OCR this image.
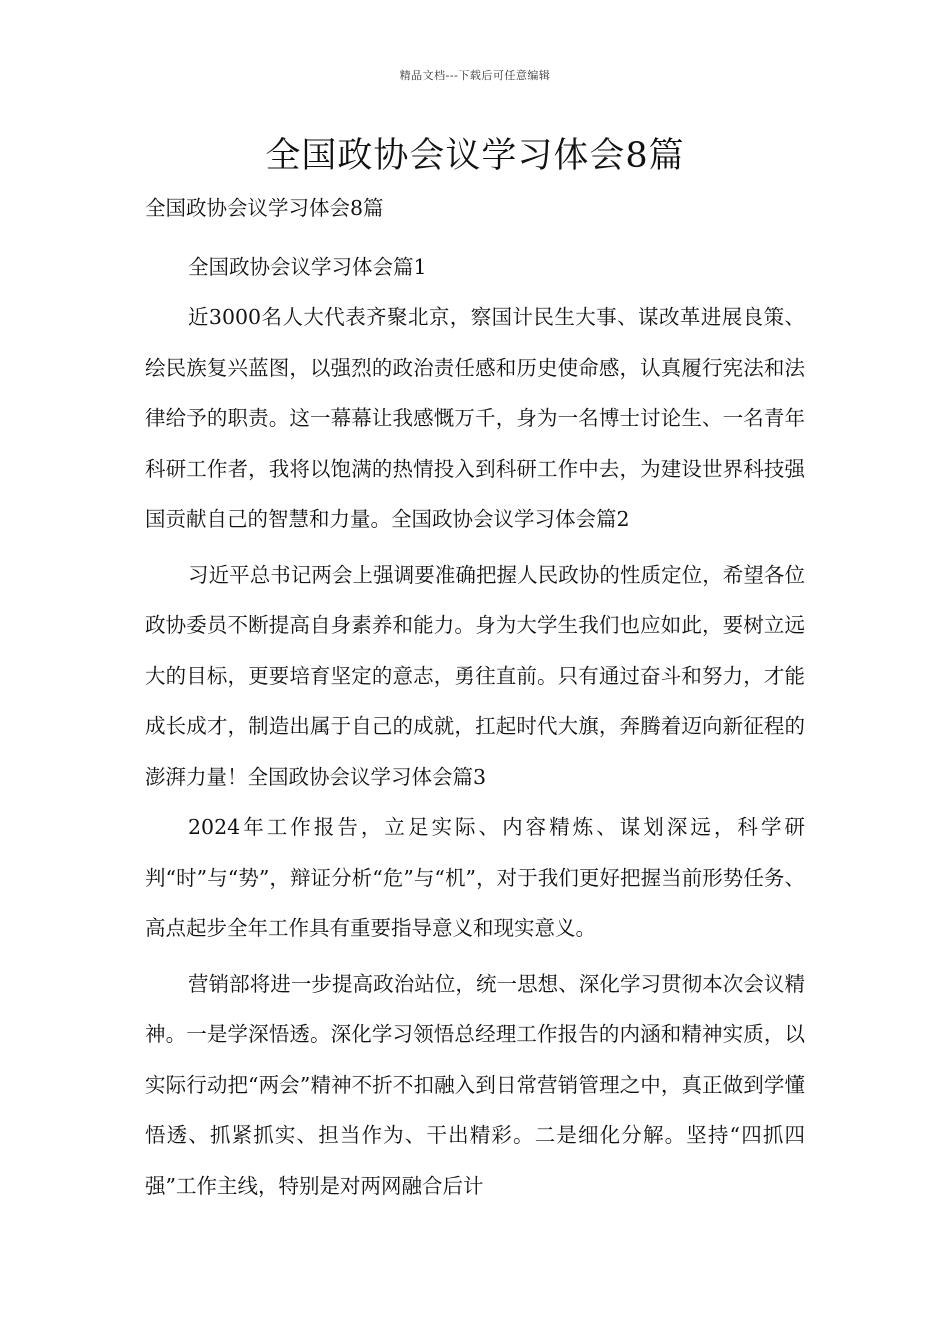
精品文档---下载后可任意编辑
全国政协会议学习体会8篇

全国政协会议学习体会8篇

全国政协会议学习体会篇1

近3000名人大代表齐聚北京，察国计民生大事、谋改革进展良策、绘民族复兴蓝图，以强烈的政治责任感和历史使命感，认真履行宪法和法律给予的职责。这一幕幕让我感慨万千，身为一名博士讨论生、一名青年科研工作者，我将以饱满的热情投入到科研工作中去，为建设世界科技强国贡献自己的智慧和力量。全国政协会议学习体会篇2

习近平总书记两会上强调要准确把握人民政协的性质定位，希望各位政协委员不断提高自身素养和能力。身为大学生我们也应如此，要树立远大的目标，更要培育坚定的意志，勇往直前。只有通过奋斗和努力，才能成长成才，制造出属于自己的成就，扛起时代大旗，奔腾着迈向新征程的澎湃力量！全国政协会议学习体会篇3

2024年工作报告，立足实际、内容精炼、谋划深远，科学研判“时”与“势”，辩证分析“危”与“机”，对于我们更好把握当前形势任务、高点起步全年工作具有重要指导意义和现实意义。

营销部将进一步提高政治站位，统一思想、深化学习贯彻本次会议精神。一是学深悟透。深化学习领悟总经理工作报告的内涵和精神实质，以实际行动把“两会”精神不折不扣融入到日常营销管理之中，真正做到学懂悟透、抓紧抓实、担当作为、干出精彩。二是细化分解。坚持“四抓四强”工作主线，特别是对两网融合后计
